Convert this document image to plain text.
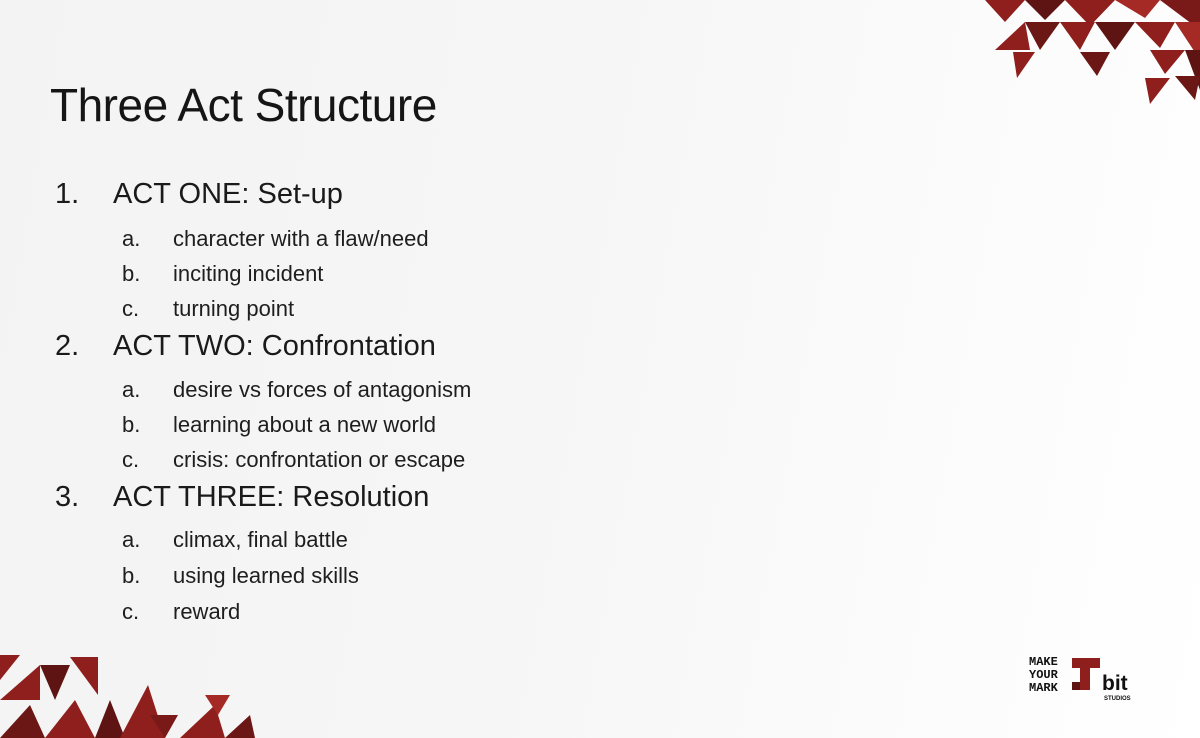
Three Act Structure
1. ACT ONE: Set-up
a. character with a flaw/need
b. inciting incident
c. turning point
2. ACT TWO: Confrontation
a. desire vs forces of antagonism
b. learning about a new world
c. crisis: confrontation or escape
3. ACT THREE: Resolution
a. climax, final battle
b. using learned skills
c. reward
MAKE
YOUR
MARK bit
STUDIOS
